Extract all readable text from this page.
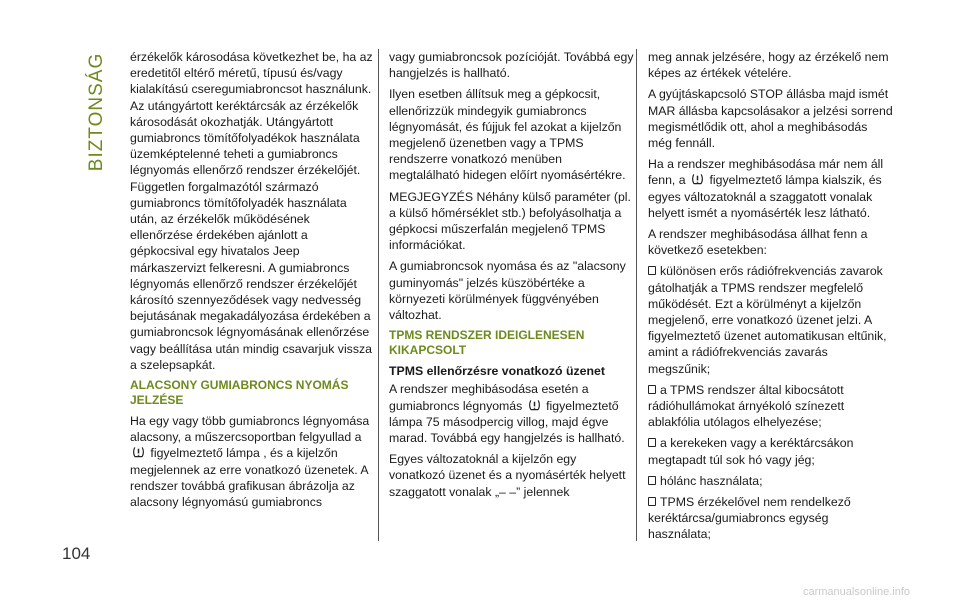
BIZTONSÁG
104

érzékelők károsodása következhet be, ha az eredetitől eltérő méretű, típusú és/vagy kialakítású cseregumiabroncsot használunk. Az utángyártott keréktárcsák az érzékelők károsodását okozhatják. Utángyártott gumiabroncs tömítőfolyadékok használata üzemképtelenné teheti a gumiabroncs légnyomás ellenőrző rendszer érzékelőjét. Független forgalmazótól származó gumiabroncs tömítőfolyadék használata után, az érzékelők működésének ellenőrzése érdekében ajánlott a gépkocsival egy hivatalos Jeep márkaszervizt felkeresni. A gumiabroncs légnyomás ellenőrző rendszer érzékelőjét károsító szennyeződések vagy nedvesség bejutásának megakadályozása érdekében a gumiabroncsok légnyomásának ellenőrzése vagy beállítása után mindig csavarjuk vissza a szelepsapkát.

ALACSONY GUMIABRONCS NYOMÁS JELZÉSE

Ha egy vagy több gumiabroncs légnyomása alacsony, a műszercsoportban felgyullad a  figyelmeztető lámpa , és a kijelzőn megjelennek az erre vonatkozó üzenetek. A rendszer továbbá grafikusan ábrázolja az alacsony légnyomású gumiabroncs

vagy gumiabroncsok pozícióját. Továbbá egy hangjelzés is hallható.

Ilyen esetben állítsuk meg a gépkocsit, ellenőrizzük mindegyik gumiabroncs légnyomását, és fújjuk fel azokat a kijelzőn megjelenő üzenetben vagy a TPMS rendszerre vonatkozó menüben megtalálható hidegen előírt nyomásértékre.

MEGJEGYZÉS Néhány külső paraméter (pl. a külső hőmérséklet stb.) befolyásolhatja a gépkocsi műszerfalán megjelenő TPMS információkat.

A gumiabroncsok nyomása és az "alacsony guminyomás" jelzés küszöbértéke a környezeti körülmények függvényében változhat.

TPMS RENDSZER IDEIGLENESEN KIKAPCSOLT
TPMS ellenőrzésre vonatkozó üzenet

A rendszer meghibásodása esetén a gumiabroncs légnyomás figyelmeztető lámpa 75 másodpercig villog, majd égve marad. Továbbá egy hangjelzés is hallható.

Egyes változatoknál a kijelzőn egy vonatkozó üzenet és a nyomásérték helyett szaggatott vonalak „– –” jelennek

meg annak jelzésére, hogy az érzékelő nem képes az értékek vételére.

A gyújtáskapcsoló STOP állásba majd ismét MAR állásba kapcsolásakor a jelzési sorrend megismétlődik ott, ahol a meghibásodás még fennáll.

Ha a rendszer meghibásodása már nem áll fenn, a figyelmeztető lámpa kialszik, és egyes változatoknál a szaggatott vonalak helyett ismét a nyomásérték lesz látható.

A rendszer meghibásodása állhat fenn a következő esetekben:

különösen erős rádiófrekvenciás zavarok gátolhatják a TPMS rendszer megfelelő működését. Ezt a körülményt a kijelzőn megjelenő, erre vonatkozó üzenet jelzi. A figyelmeztető üzenet automatikusan eltűnik, amint a rádiófrekvenciás zavarás megszűnik;

a TPMS rendszer által kibocsátott rádióhullámokat árnyékoló színezett ablakfólia utólagos elhelyezése;

a kerekeken vagy a keréktárcsákon megtapadt túl sok hó vagy jég;

hólánc használata;

TPMS érzékelővel nem rendelkező keréktárcsa/gumiabroncs egység használata;

carmanualsonline.info
